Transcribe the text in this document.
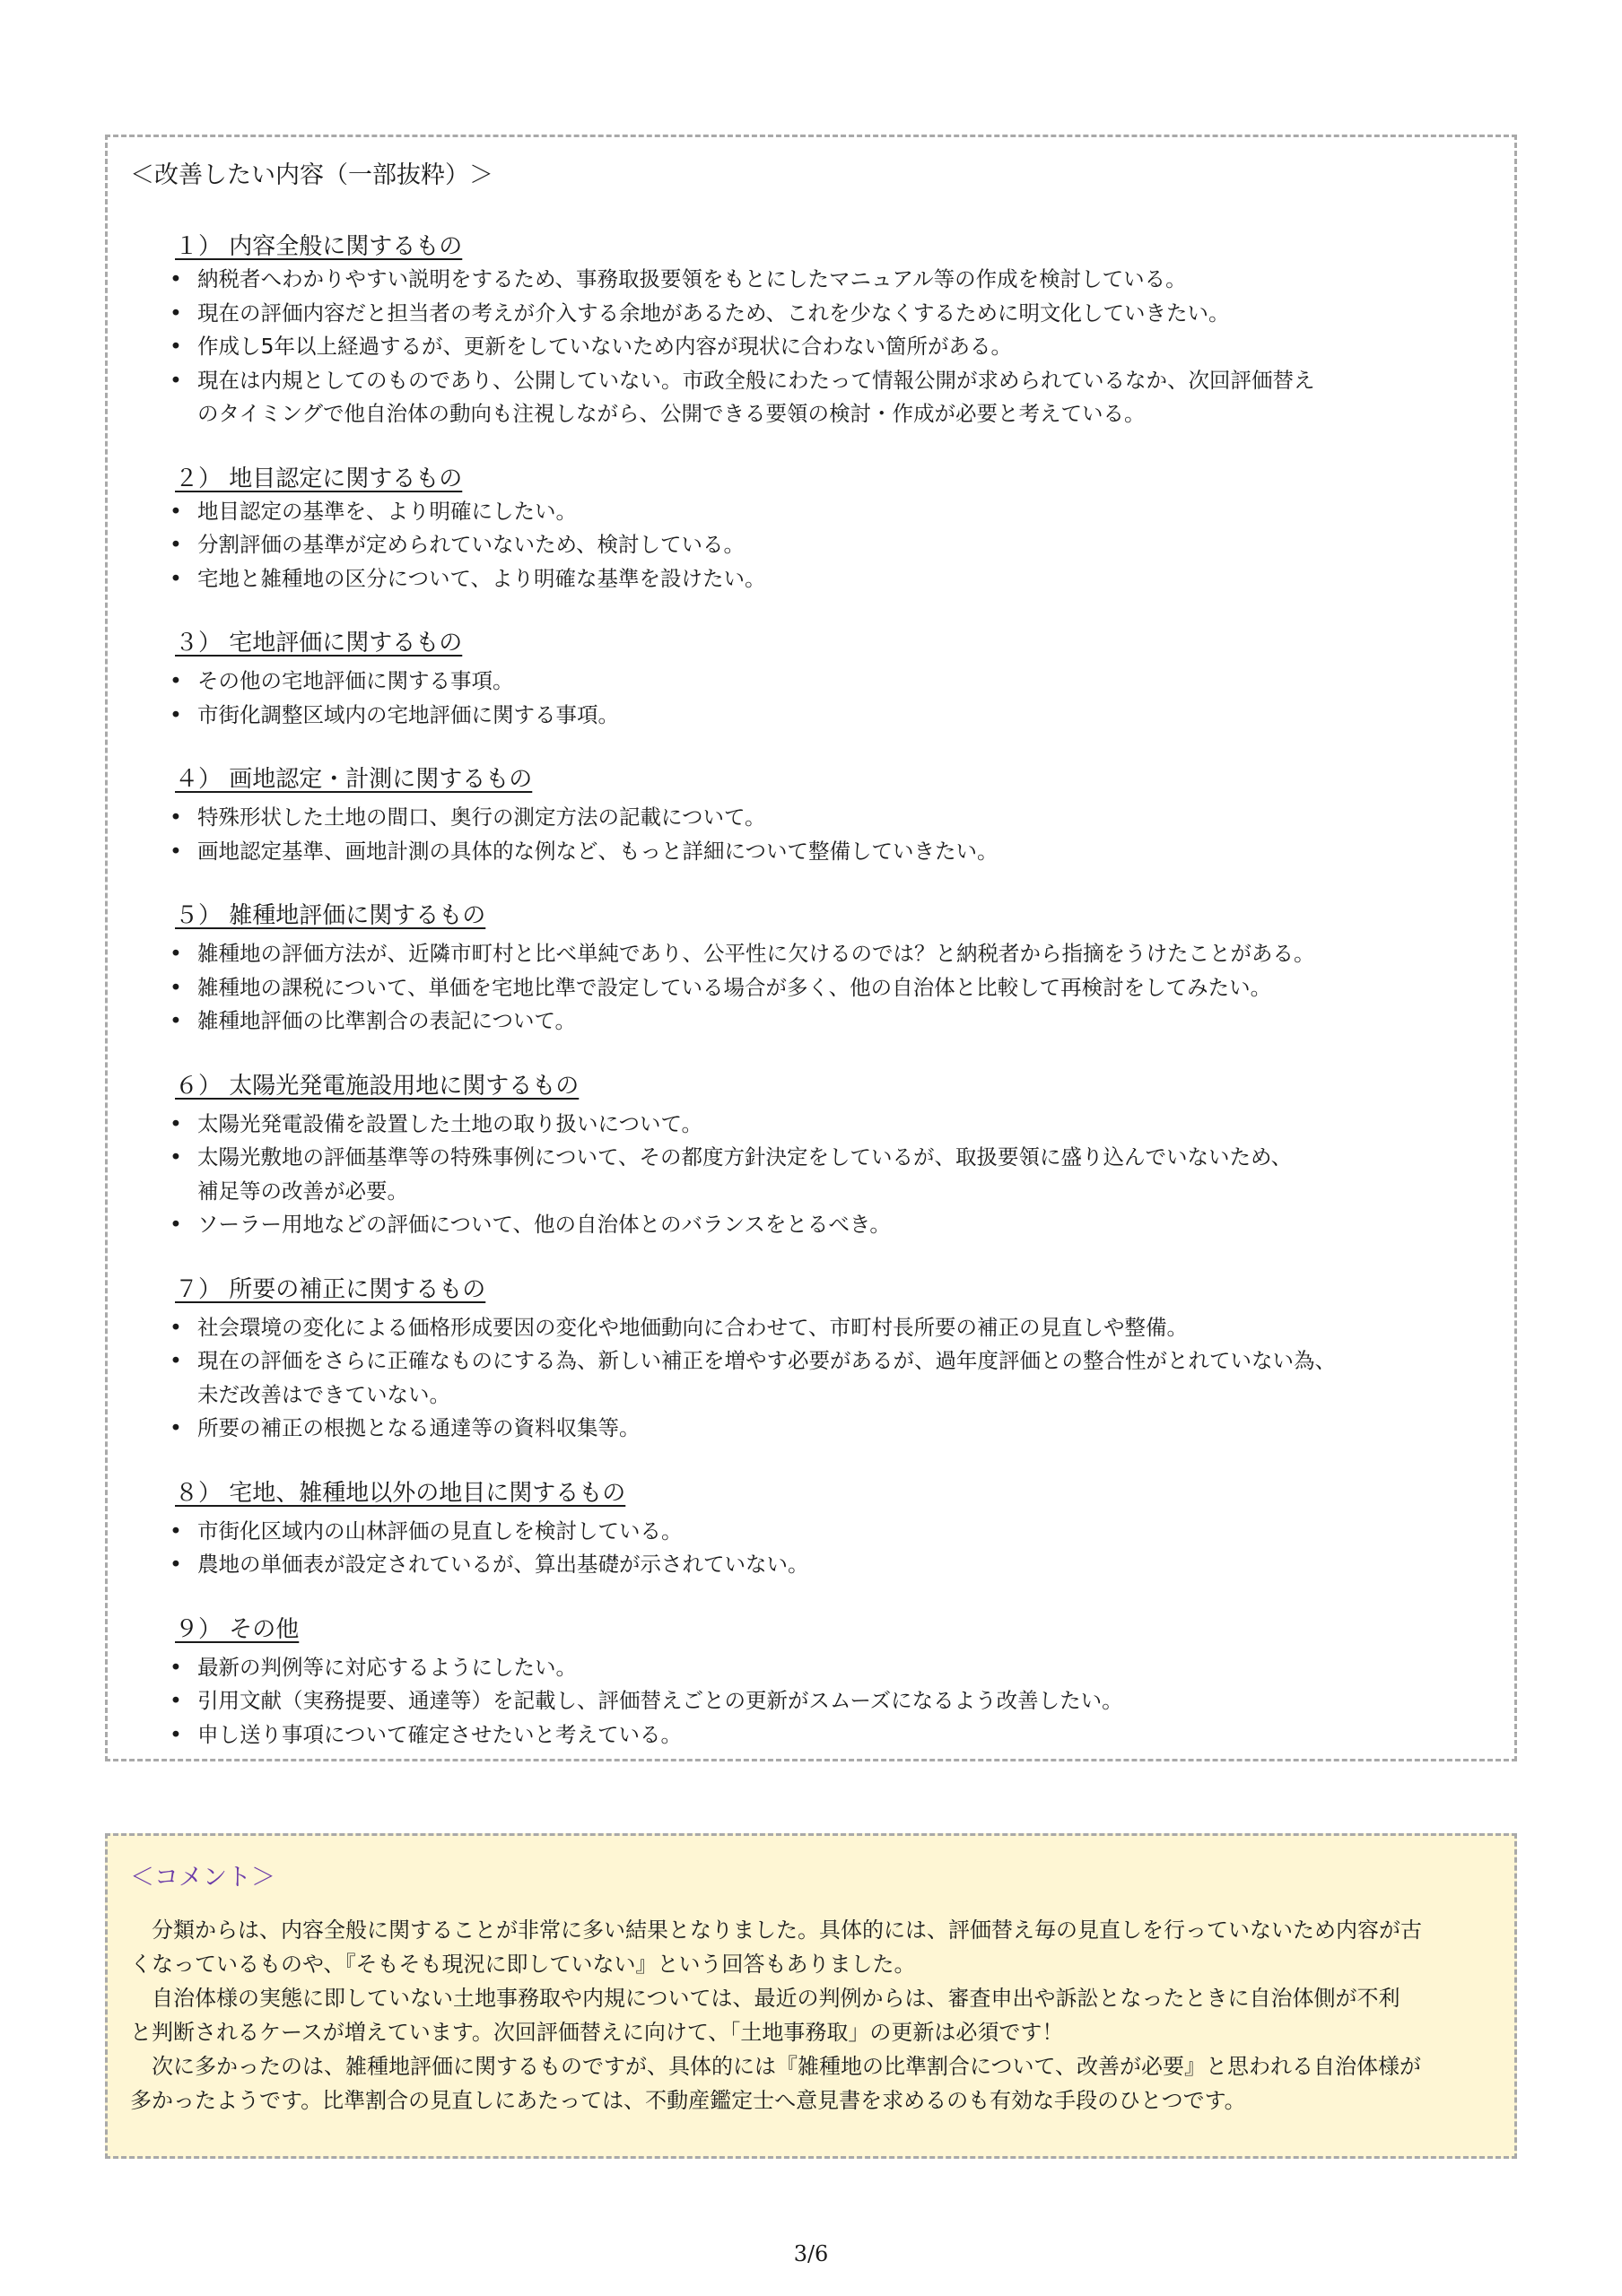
＜改善したい内容（一部抜粋）＞
１） 内容全般に関するもの
• 納税者へわかりやすい説明をするため、事務取扱要領をもとにしたマニュアル等の作成を検討している。
• 現在の評価内容だと担当者の考えが介入する余地があるため、これを少なくするために明文化していきたい。
• 作成し5年以上経過するが、更新をしていないため内容が現状に合わない箇所がある。
• 現在は内規としてのものであり、公開していない。市政全般にわたって情報公開が求められているなか、次回評価替え
のタイミングで他自治体の動向も注視しながら、公開できる要領の検討・作成が必要と考えている。
２） 地目認定に関するもの
• 地目認定の基準を、より明確にしたい。
• 分割評価の基準が定められていないため、検討している。
• 宅地と雑種地の区分について、より明確な基準を設けたい。
３） 宅地評価に関するもの
• その他の宅地評価に関する事項。
• 市街化調整区域内の宅地評価に関する事項。
４） 画地認定・計測に関するもの
• 特殊形状した土地の間口、奥行の測定方法の記載について。
• 画地認定基準、画地計測の具体的な例など、もっと詳細について整備していきたい。
５） 雑種地評価に関するもの
• 雑種地の評価方法が、近隣市町村と比べ単純であり、公平性に欠けるのでは？と納税者から指摘をうけたことがある。
• 雑種地の課税について、単価を宅地比準で設定している場合が多く、他の自治体と比較して再検討をしてみたい。
• 雑種地評価の比準割合の表記について。
６） 太陽光発電施設用地に関するもの
• 太陽光発電設備を設置した土地の取り扱いについて。
• 太陽光敷地の評価基準等の特殊事例について、その都度方針決定をしているが、取扱要領に盛り込んでいないため、
補足等の改善が必要。
• ソーラー用地などの評価について、他の自治体とのバランスをとるべき。
７） 所要の補正に関するもの
• 社会環境の変化による価格形成要因の変化や地価動向に合わせて、市町村長所要の補正の見直しや整備。
• 現在の評価をさらに正確なものにする為、新しい補正を増やす必要があるが、過年度評価との整合性がとれていない為、
未だ改善はできていない。
• 所要の補正の根拠となる通達等の資料収集等。
８） 宅地、雑種地以外の地目に関するもの
• 市街化区域内の山林評価の見直しを検討している。
• 農地の単価表が設定されているが、算出基礎が示されていない。
９） その他
• 最新の判例等に対応するようにしたい。
• 引用文献（実務提要、通達等）を記載し、評価替えごとの更新がスムーズになるよう改善したい。
• 申し送り事項について確定させたいと考えている。
＜コメント＞
　分類からは、内容全般に関することが非常に多い結果となりました。具体的には、評価替え毎の見直しを行っていないため内容が古
くなっているものや、『そもそも現況に即していない』という回答もありました。
　自治体様の実態に即していない土地事務取や内規については、最近の判例からは、審査申出や訴訟となったときに自治体側が不利
と判断されるケースが増えています。次回評価替えに向けて、「土地事務取」の更新は必須です！
　次に多かったのは、雑種地評価に関するものですが、具体的には『雑種地の比準割合について、改善が必要』と思われる自治体様が
多かったようです。比準割合の見直しにあたっては、不動産鑑定士へ意見書を求めるのも有効な手段のひとつです。
3/6
